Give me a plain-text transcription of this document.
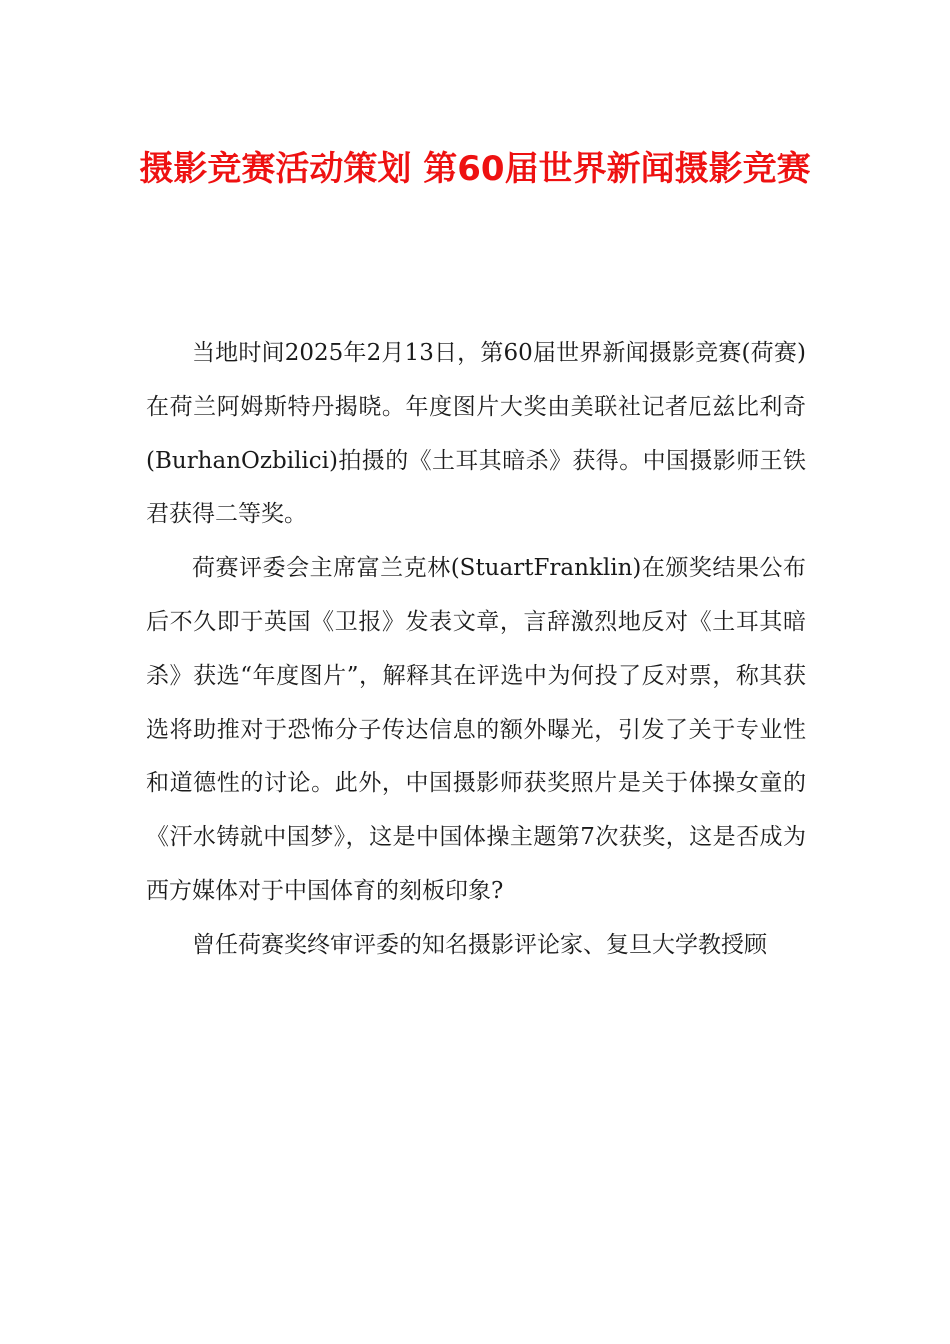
摄影竞赛活动策划 第60届世界新闻摄影竞赛

当地时间2025年2月13日，第60届世界新闻摄影竞赛(荷赛)在荷兰阿姆斯特丹揭晓。年度图片大奖由美联社记者厄兹比利奇(BurhanOzbilici)拍摄的《土耳其暗杀》获得。中国摄影师王铁君获得二等奖。

荷赛评委会主席富兰克林(StuartFranklin)在颁奖结果公布后不久即于英国《卫报》发表文章，言辞激烈地反对《土耳其暗杀》获选“年度图片”，解释其在评选中为何投了反对票，称其获选将助推对于恐怖分子传达信息的额外曝光，引发了关于专业性和道德性的讨论。此外，中国摄影师获奖照片是关于体操女童的《汗水铸就中国梦》，这是中国体操主题第7次获奖，这是否成为西方媒体对于中国体育的刻板印象?

曾任荷赛奖终审评委的知名摄影评论家、复旦大学教授顾
